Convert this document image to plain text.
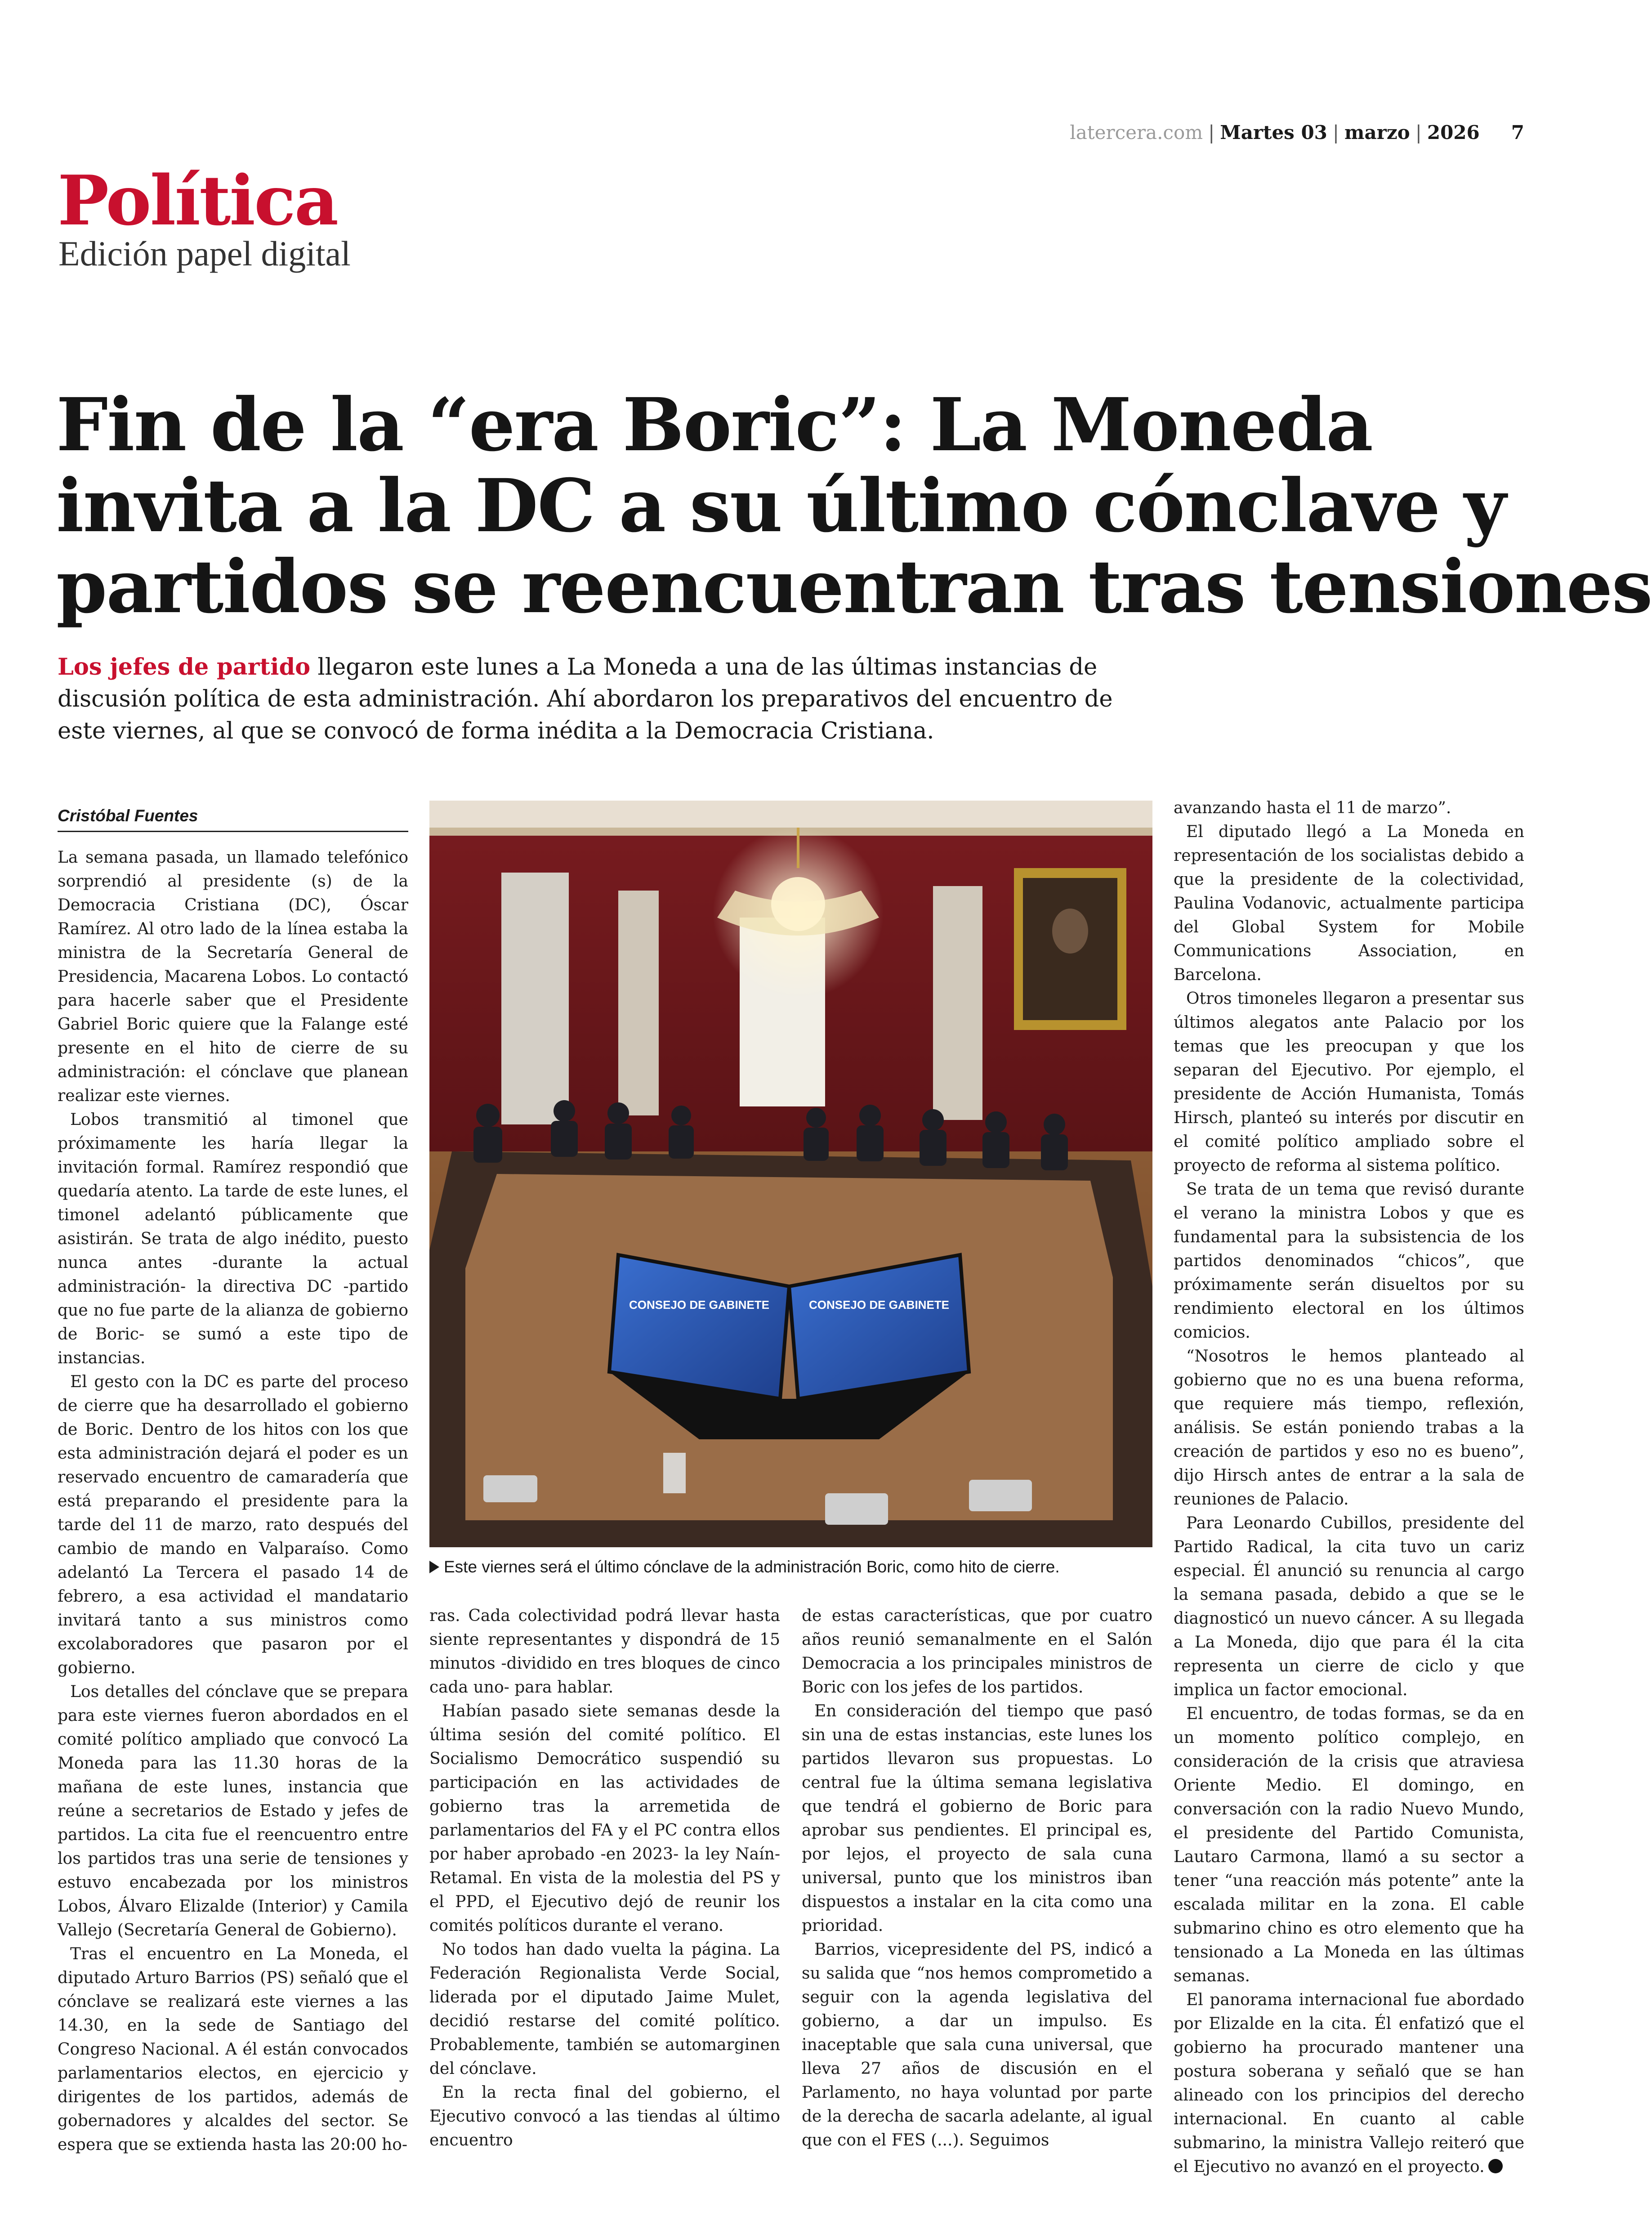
latercera.com | Martes 03 | marzo | 2026 7
Política
Edición papel digital
Fin de la “era Boric”: La Moneda
invita a la DC a su último cónclave y
partidos se reencuentran tras tensiones

Los jefes de partido llegaron este lunes a La Moneda a una de las últimas instancias de discusión política de esta administración. Ahí abordaron los preparativos del encuentro de este viernes, al que se convocó de forma inédita a la Democracia Cristiana.

Cristóbal Fuentes

La semana pasada, un llamado telefónico sorprendió al presidente (s) de la Democracia Cristiana (DC), Óscar Ramírez. Al otro lado de la línea estaba la ministra de la Secretaría General de Presidencia, Macarena Lobos. Lo contactó para hacerle saber que el Presidente Gabriel Boric quiere que la Falange esté presente en el hito de cierre de su administración: el cónclave que planean realizar este viernes.

Lobos transmitió al timonel que próximamente les haría llegar la invitación formal. Ramírez respondió que quedaría atento. La tarde de este lunes, el timonel adelantó públicamente que asistirán. Se trata de algo inédito, puesto nunca antes -durante la actual administración- la directiva DC -partido que no fue parte de la alianza de gobierno de Boric- se sumó a este tipo de instancias.

El gesto con la DC es parte del proceso de cierre que ha desarrollado el gobierno de Boric. Dentro de los hitos con los que esta administración dejará el poder es un reservado encuentro de camaradería que está preparando el presidente para la tarde del 11 de marzo, rato después del cambio de mando en Valparaíso. Como adelantó La Tercera el pasado 14 de febrero, a esa actividad el mandatario invitará tanto a sus ministros como excolaboradores que pasaron por el gobierno.

Los detalles del cónclave que se prepara para este viernes fueron abordados en el comité político ampliado que convocó La Moneda para las 11.30 horas de la mañana de este lunes, instancia que reúne a secretarios de Estado y jefes de partidos. La cita fue el reencuentro entre los partidos tras una serie de tensiones y estuvo encabezada por los ministros Lobos, Álvaro Elizalde (Interior) y Camila Vallejo (Secretaría General de Gobierno).

Tras el encuentro en La Moneda, el diputado Arturo Barrios (PS) señaló que el cónclave se realizará este viernes a las 14.30, en la sede de Santiago del Congreso Nacional. A él están convocados parlamentarios electos, en ejercicio y dirigentes de los partidos, además de gobernadores y alcaldes del sector. Se espera que se extienda hasta las 20:00 ho-

CONSEJO DE GABINETE	CONSEJO DE GABINETE
Este viernes será el último cónclave de la administración Boric, como hito de cierre.

ras. Cada colectividad podrá llevar hasta siente representantes y dispondrá de 15 minutos -dividido en tres bloques de cinco cada uno- para hablar.

Habían pasado siete semanas desde la última sesión del comité político. El Socialismo Democrático suspendió su participación en las actividades de gobierno tras la arremetida de parlamentarios del FA y el PC contra ellos por haber aprobado -en 2023- la ley Naín-Retamal. En vista de la molestia del PS y el PPD, el Ejecutivo dejó de reunir los comités políticos durante el verano.

No todos han dado vuelta la página. La Federación Regionalista Verde Social, liderada por el diputado Jaime Mulet, decidió restarse del comité político. Probablemente, también se automarginen del cónclave.

En la recta final del gobierno, el Ejecutivo convocó a las tiendas al último encuentro

de estas características, que por cuatro años reunió semanalmente en el Salón Democracia a los principales ministros de Boric con los jefes de los partidos.

En consideración del tiempo que pasó sin una de estas instancias, este lunes los partidos llevaron sus propuestas. Lo central fue la última semana legislativa que tendrá el gobierno de Boric para aprobar sus pendientes. El principal es, por lejos, el proyecto de sala cuna universal, punto que los ministros iban dispuestos a instalar en la cita como una prioridad.

Barrios, vicepresidente del PS, indicó a su salida que “nos hemos comprometido a seguir con la agenda legislativa del gobierno, a dar un impulso. Es inaceptable que sala cuna universal, que lleva 27 años de discusión en el Parlamento, no haya voluntad por parte de la derecha de sacarla adelante, al igual que con el FES (...). Seguimos

avanzando hasta el 11 de marzo”.

El diputado llegó a La Moneda en representación de los socialistas debido a que la presidente de la colectividad, Paulina Vodanovic, actualmente participa del Global System for Mobile Communications Association, en Barcelona.

Otros timoneles llegaron a presentar sus últimos alegatos ante Palacio por los temas que les preocupan y que los separan del Ejecutivo. Por ejemplo, el presidente de Acción Humanista, Tomás Hirsch, planteó su interés por discutir en el comité político ampliado sobre el proyecto de reforma al sistema político.

Se trata de un tema que revisó durante el verano la ministra Lobos y que es fundamental para la subsistencia de los partidos denominados “chicos”, que próximamente serán disueltos por su rendimiento electoral en los últimos comicios.

“Nosotros le hemos planteado al gobierno que no es una buena reforma, que requiere más tiempo, reflexión, análisis. Se están poniendo trabas a la creación de partidos y eso no es bueno”, dijo Hirsch antes de entrar a la sala de reuniones de Palacio.

Para Leonardo Cubillos, presidente del Partido Radical, la cita tuvo un cariz especial. Él anunció su renuncia al cargo la semana pasada, debido a que se le diagnosticó un nuevo cáncer. A su llegada a La Moneda, dijo que para él la cita representa un cierre de ciclo y que implica un factor emocional.

El encuentro, de todas formas, se da en un momento político complejo, en consideración de la crisis que atraviesa Oriente Medio. El domingo, en conversación con la radio Nuevo Mundo, el presidente del Partido Comunista, Lautaro Carmona, llamó a su sector a tener “una reacción más potente” ante la escalada militar en la zona. El cable submarino chino es otro elemento que ha tensionado a La Moneda en las últimas semanas.

El panorama internacional fue abordado por Elizalde en la cita. Él enfatizó que el gobierno ha procurado mantener una postura soberana y señaló que se han alineado con los principios del derecho internacional. En cuanto al cable submarino, la ministra Vallejo reiteró que el Ejecutivo no avanzó en el proyecto.
